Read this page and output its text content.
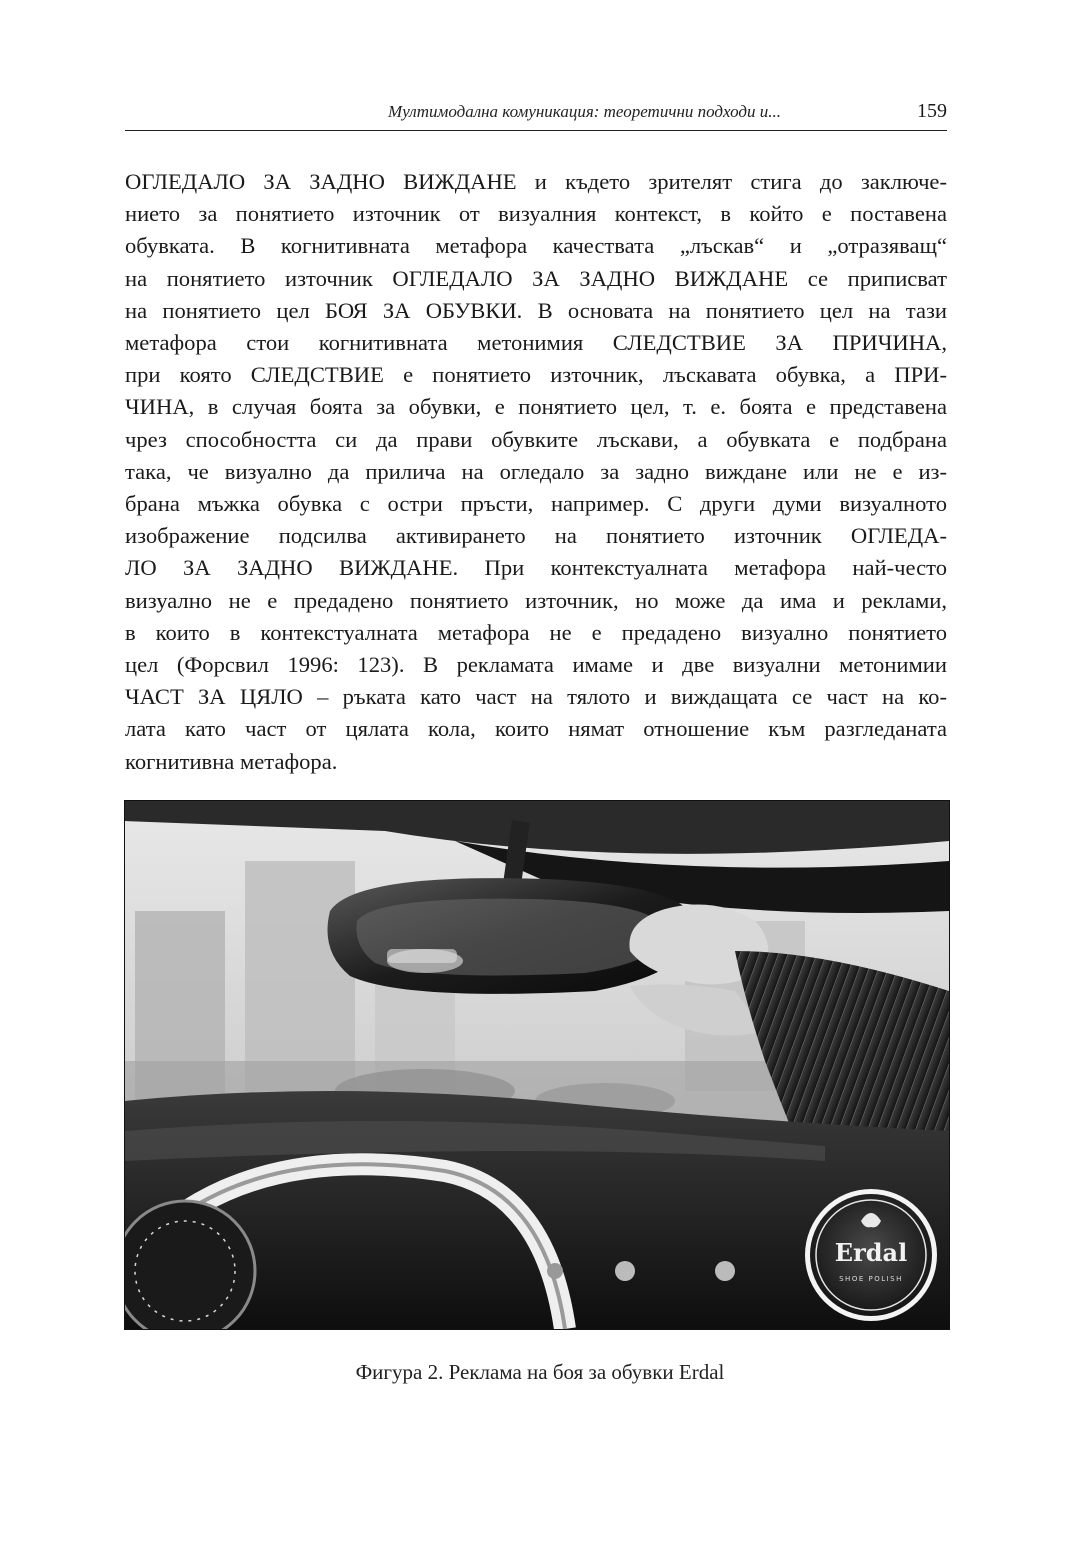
Мултимодална комуникация: теоретични подходи и...	159
ОГЛЕДАЛО ЗА ЗАДНО ВИЖДАНЕ и където зрителят стига до заключе-
нието за понятието източник от визуалния контекст, в който е поставена
обувката. В когнитивната метафора качествата „лъскав“ и „отразяващ“
на понятието източник ОГЛЕДАЛО ЗА ЗАДНО ВИЖДАНЕ се приписват
на понятието цел БОЯ ЗА ОБУВКИ. В основата на понятието цел на тази
метафора стои когнитивната метонимия СЛЕДСТВИЕ ЗА ПРИЧИНА,
при която СЛЕДСТВИЕ е понятието източник, лъскавата обувка, а ПРИ-
ЧИНА, в случая боята за обувки, е понятието цел, т. е. боята е представена
чрез способността си да прави обувките лъскави, а обувката е подбрана
така, че визуално да прилича на огледало за задно виждане или не е из-
брана мъжка обувка с остри пръсти, например. С други думи визуалното
изображение подсилва активирането на понятието източник ОГЛЕДА-
ЛО ЗА ЗАДНО ВИЖДАНЕ. При контекстуалната метафора най-често
визуално не е предадено понятието източник, но може да има и реклами,
в които в контекстуалната метафора не е предадено визуално понятието
цел (Форсвил 1996: 123). В рекламата имаме и две визуални метонимии
ЧАСТ ЗА ЦЯЛО – ръката като част на тялото и виждащата се част на ко-
лата като част от цялата кола, които нямат отношение към разгледаната
когнитивна метафора.
Erdal
SHOE POLISH
Фигура 2. Реклама на боя за обувки Erdal
